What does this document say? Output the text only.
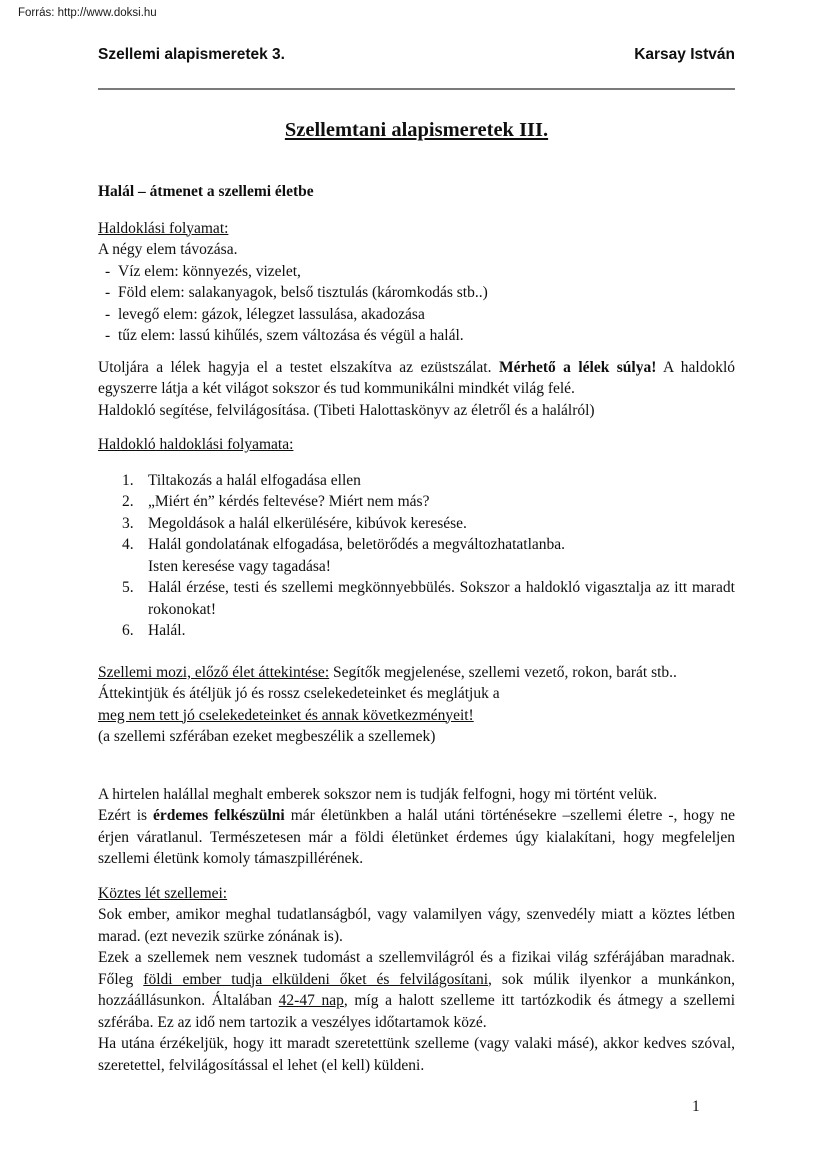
Forrás: http://www.doksi.hu
Szellemi alapismeretek 3.	Karsay István
Szellemtani alapismeretek III.
Halál – átmenet a szellemi életbe
Haldoklási folyamat:
A négy elem távozása.
- Víz elem: könnyezés, vizelet,
- Föld elem: salakanyagok, belső tisztulás (káromkodás stb..)
- levegő elem: gázok, lélegzet lassulása, akadozása
- tűz elem: lassú kihűlés, szem változása és végül a halál.
Utoljára a lélek hagyja el a testet elszakítva az ezüstszálat. Mérhető a lélek súlya! A haldokló egyszerre látja a két világot sokszor és tud kommunikálni mindkét világ felé.
Haldokló segítése, felvilágosítása. (Tibeti Halottaskönyv az életről és a halálról)
Haldokló haldoklási folyamata:
1. Tiltakozás a halál elfogadása ellen
2. „Miért én” kérdés feltevése? Miért nem más?
3. Megoldások a halál elkerülésére, kibúvok keresése.
4. Halál gondolatának elfogadása, beletörődés a megváltozhatatlanba.
Isten keresése vagy tagadása!
5. Halál érzése, testi és szellemi megkönnyebbülés. Sokszor a haldokló vigasztalja az itt maradt rokonokat!
6. Halál.
Szellemi mozi, előző élet áttekintése: Segítők megjelenése, szellemi vezető, rokon, barát stb..
Áttekintjük és átéljük jó és rossz cselekedeteinket és meglátjuk a
meg nem tett jó cselekedeteinket és annak következményeit!
(a szellemi szférában ezeket megbeszélik a szellemek)
A hirtelen halállal meghalt emberek sokszor nem is tudják felfogni, hogy mi történt velük.
Ezért is érdemes felkészülni már életünkben a halál utáni történésekre –szellemi életre -, hogy ne érjen váratlanul. Természetesen már a földi életünket érdemes úgy kialakítani, hogy megfeleljen szellemi életünk komoly támaszpillérének.
Köztes lét szellemei:
Sok ember, amikor meghal tudatlanságból, vagy valamilyen vágy, szenvedély miatt a köztes létben marad. (ezt nevezik szürke zónának is).
Ezek a szellemek nem vesznek tudomást a szellemvilágról és a fizikai világ szférájában maradnak. Főleg földi ember tudja elküldeni őket és felvilágosítani, sok múlik ilyenkor a munkánkon, hozzáállásunkon. Általában 42-47 nap, míg a halott szelleme itt tartózkodik és átmegy a szellemi szférába. Ez az idő nem tartozik a veszélyes időtartamok közé.
Ha utána érzékeljük, hogy itt maradt szeretettünk szelleme (vagy valaki másé), akkor kedves szóval, szeretettel, felvilágosítással el lehet (el kell) küldeni.
1
